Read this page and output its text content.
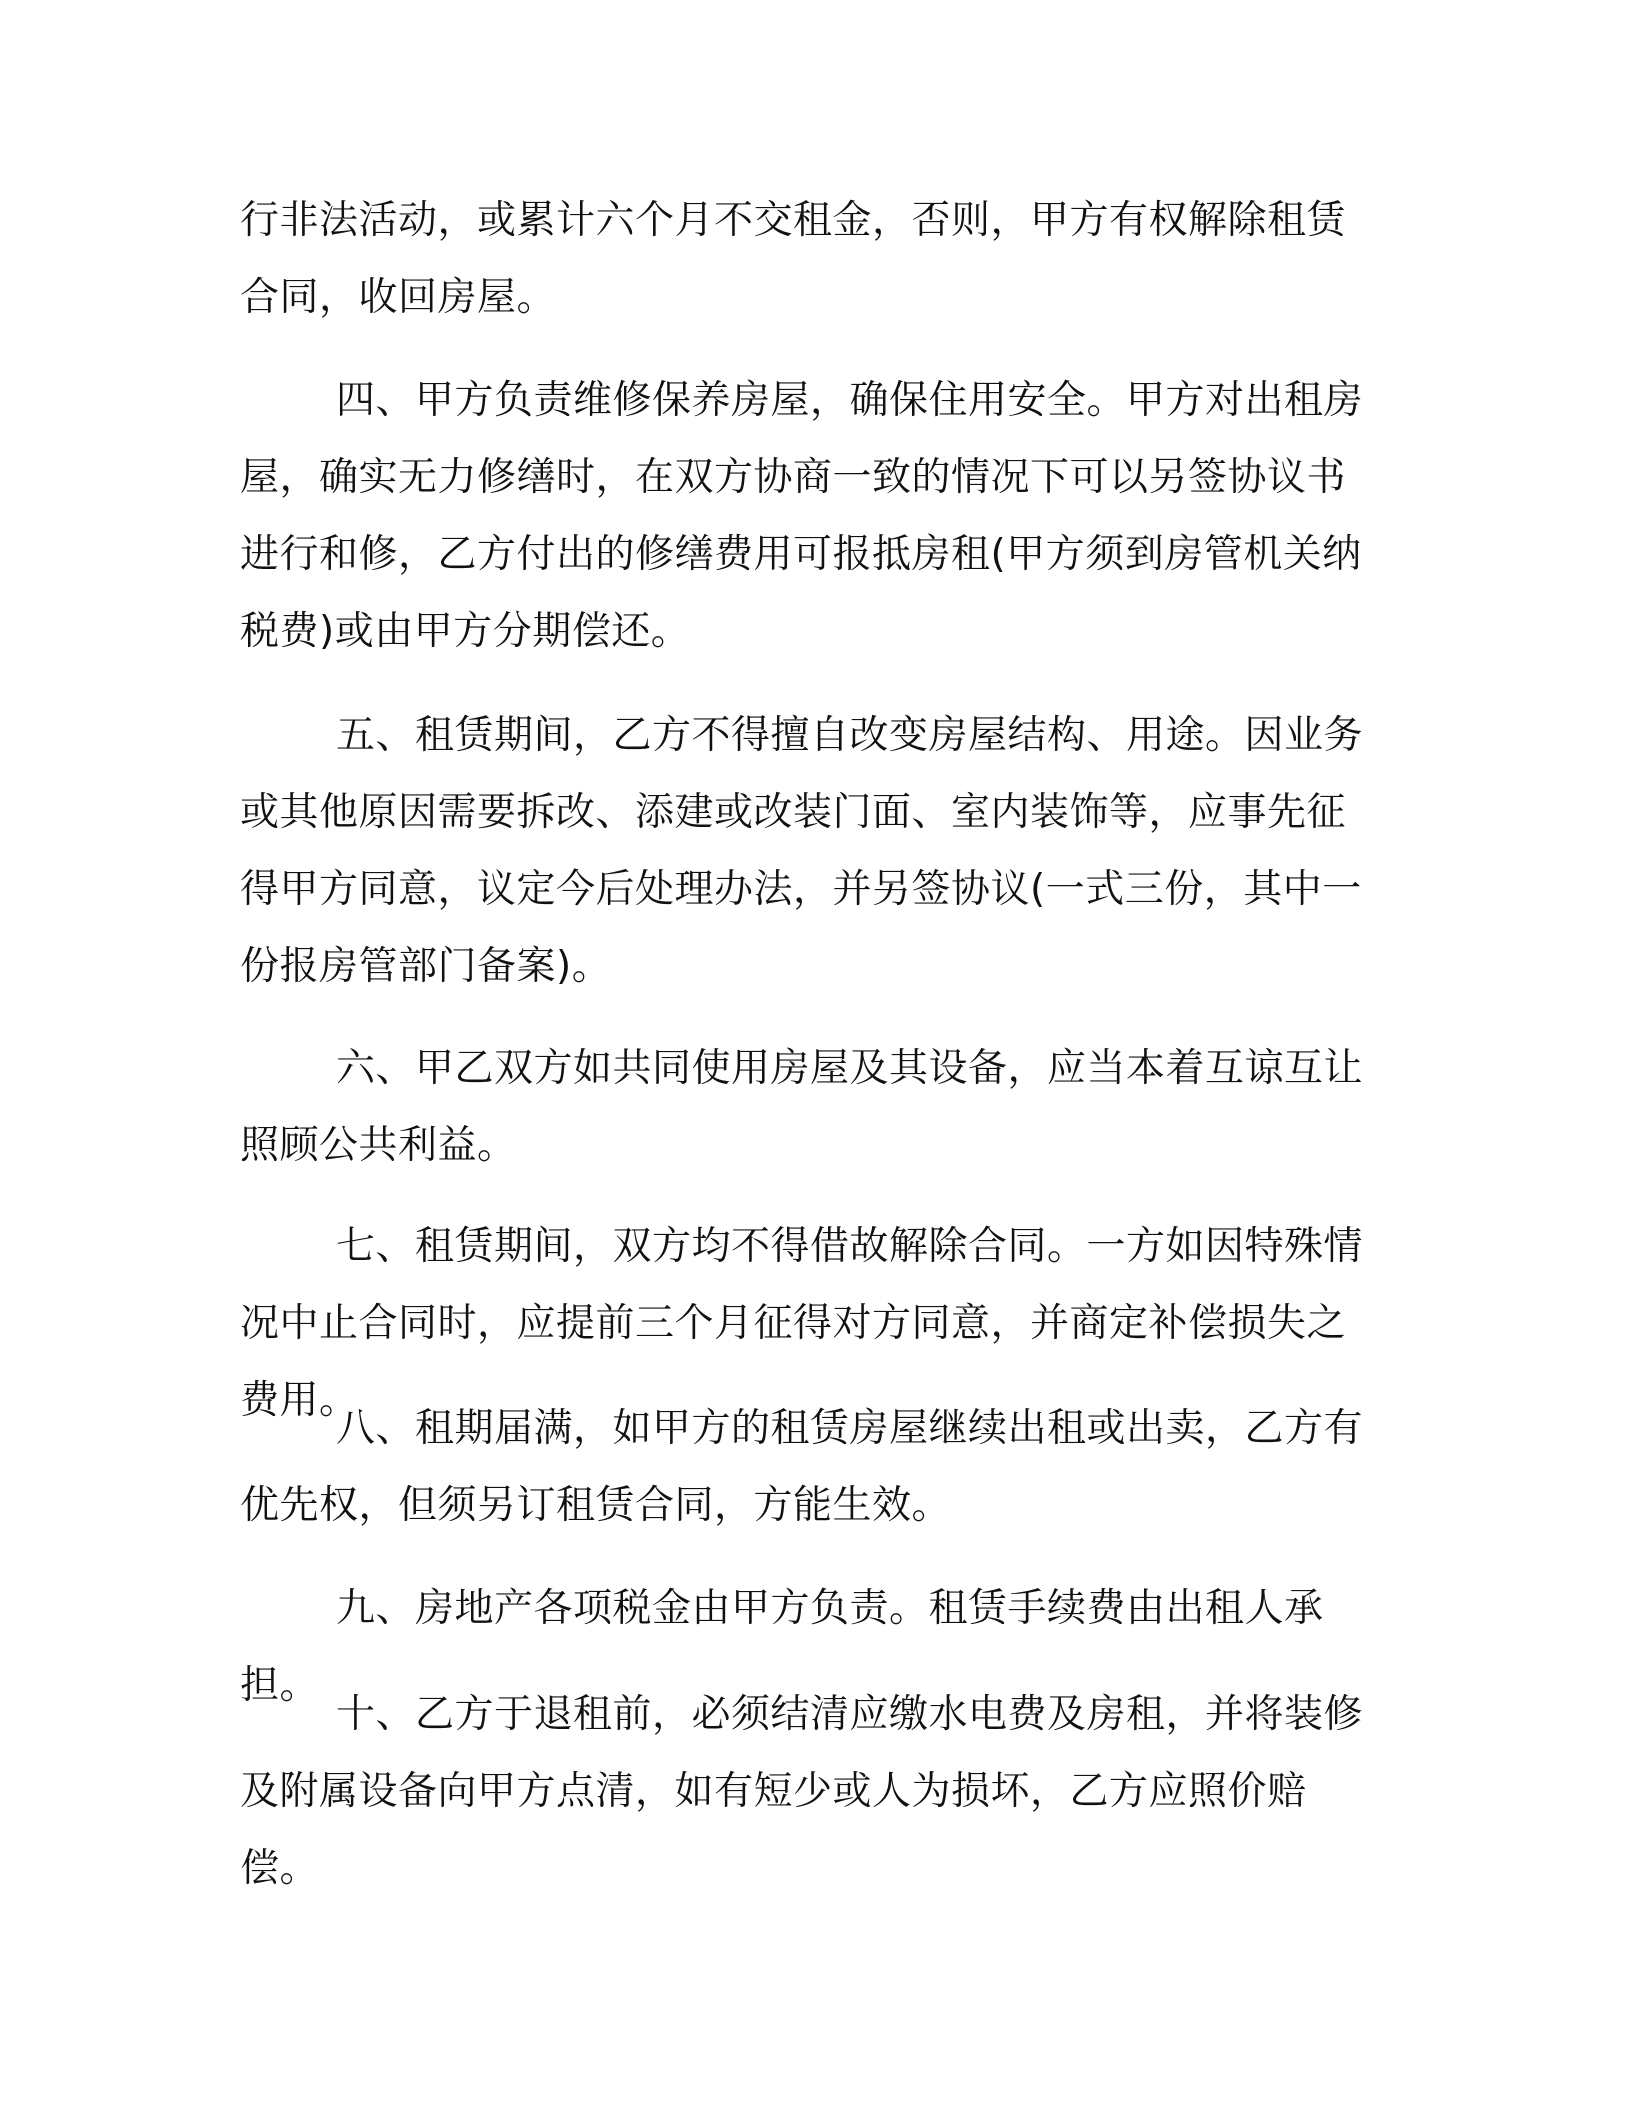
行非法活动，或累计六个月不交租金，否则，甲方有权解除租赁合同，收回房屋。

四、甲方负责维修保养房屋，确保住用安全。甲方对出租房屋，确实无力修缮时，在双方协商一致的情况下可以另签协议书进行和修，乙方付出的修缮费用可报抵房租(甲方须到房管机关纳税费)或由甲方分期偿还。

五、租赁期间，乙方不得擅自改变房屋结构、用途。因业务或其他原因需要拆改、添建或改装门面、室内装饰等，应事先征得甲方同意，议定今后处理办法，并另签协议(一式三份，其中一份报房管部门备案)。

六、甲乙双方如共同使用房屋及其设备，应当本着互谅互让照顾公共利益。

七、租赁期间，双方均不得借故解除合同。一方如因特殊情况中止合同时，应提前三个月征得对方同意，并商定补偿损失之费用。

八、租期届满，如甲方的租赁房屋继续出租或出卖，乙方有优先权，但须另订租赁合同，方能生效。

九、房地产各项税金由甲方负责。租赁手续费由出租人承担。

十、乙方于退租前，必须结清应缴水电费及房租，并将装修及附属设备向甲方点清，如有短少或人为损坏，乙方应照价赔偿。
